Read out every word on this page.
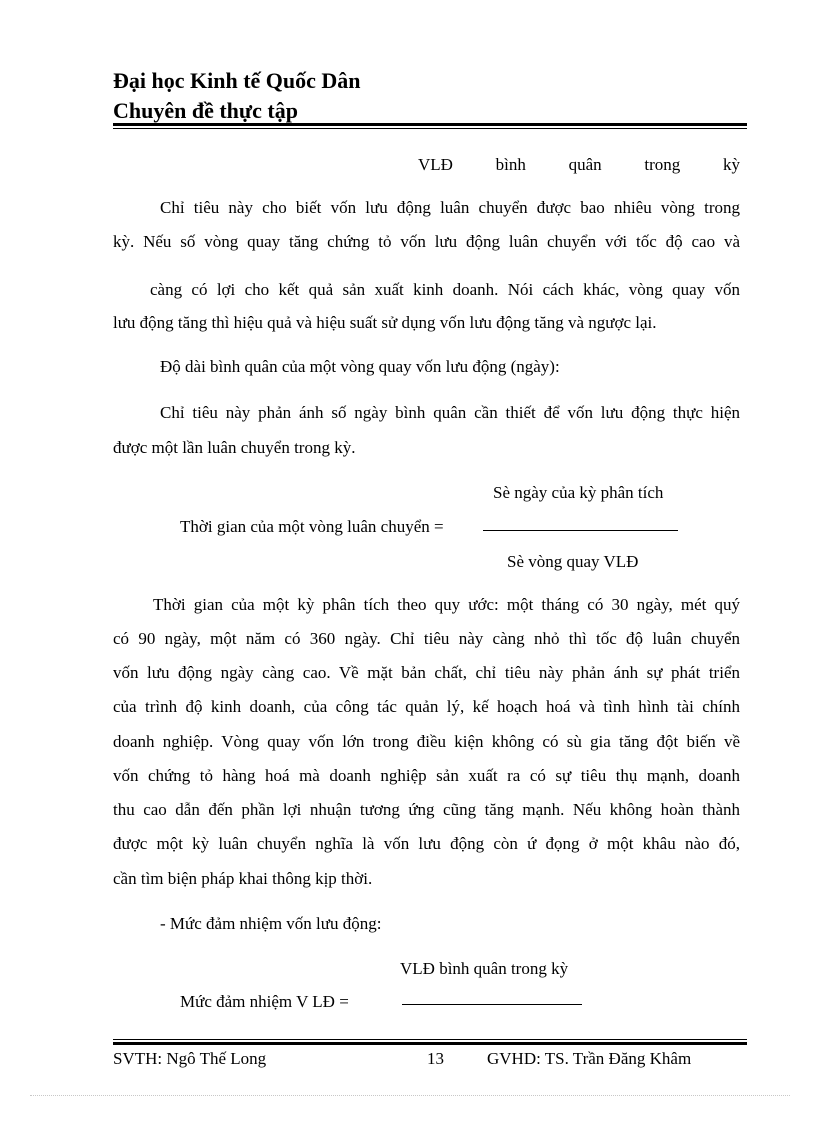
Đại học Kinh tế Quốc Dân
Chuyên đề thực tập
VLĐ	bình	quân	trong	kỳ
Chỉ tiêu này cho biết vốn lưu động luân chuyển được bao nhiêu vòng trong
kỳ. Nếu số vòng quay tăng chứng tỏ vốn lưu động luân chuyển với tốc độ cao và
càng có lợi cho kết quả sản xuất kinh doanh. Nói cách khác, vòng quay vốn
lưu động tăng thì hiệu quả và hiệu suất sử dụng vốn lưu động tăng và ngược lại.
Độ dài bình quân của một vòng quay vốn lưu động (ngày):
Chỉ tiêu này phản ánh số ngày bình quân cần thiết để vốn lưu động thực hiện
được một lần luân chuyển trong kỳ.
Sè ngày của kỳ phân tích
Thời gian của một vòng luân chuyển =
Sè vòng quay VLĐ
Thời gian của một kỳ phân tích theo quy ước: một tháng có 30 ngày, mét quý
có 90 ngày, một năm có 360 ngày. Chỉ tiêu này càng nhỏ thì tốc độ luân chuyển
vốn lưu động ngày càng cao. Về mặt bản chất, chỉ tiêu này phản ánh sự phát triển
của trình độ kinh doanh, của công tác quản lý, kế hoạch hoá và tình hình tài chính
doanh nghiệp. Vòng quay vốn lớn trong điều kiện không có sù gia tăng đột biến về
vốn chứng tỏ hàng hoá mà doanh nghiệp sản xuất ra có sự tiêu thụ mạnh, doanh
thu cao dẫn đến phần lợi nhuận tương ứng cũng tăng mạnh. Nếu không hoàn thành
được một kỳ luân chuyển nghĩa là vốn lưu động còn ứ đọng ở một khâu nào đó,
cần tìm biện pháp khai thông kịp thời.
- Mức đảm nhiệm vốn lưu động:
VLĐ bình quân trong kỳ
Mức đảm nhiệm V LĐ =
SVTH: Ngô Thế Long	13	GVHD: TS. Trần Đăng Khâm
